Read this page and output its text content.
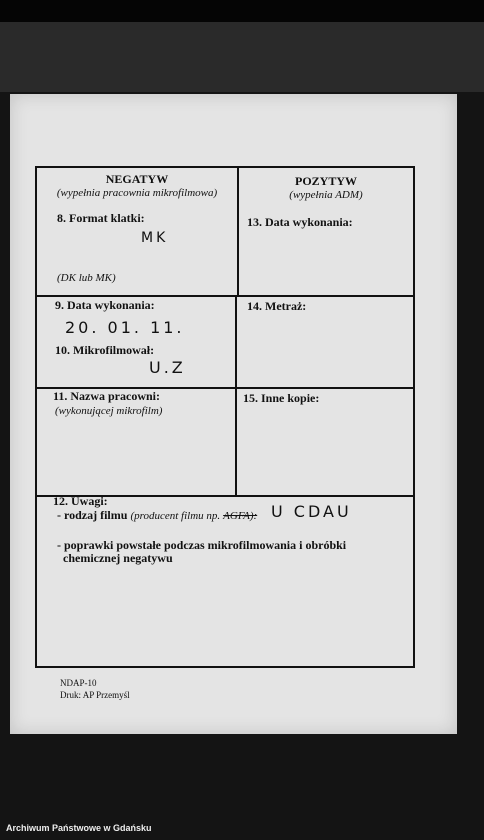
NDAP-10
Druk: AP Przemyśl
NEGATYW
(wypełnia pracownia mikrofilmowa)
POZYTYW
(wypełnia ADM)
8. Format klatki:
MK
(DK lub MK)
13. Data wykonania:
9. Data wykonania:
20. 01. 11.
10. Mikrofilmował:
U.Z
14. Metraż:
11. Nazwa pracowni:
(wykonującej mikrofilm)
15. Inne kopie:
12. Uwagi:
- rodzaj filmu (producent filmu np. AGFA): U CDAU
- poprawki powstałe podczas mikrofilmowania i obróbki
chemicznej negatywu
Archiwum Państwowe w Gdańsku
